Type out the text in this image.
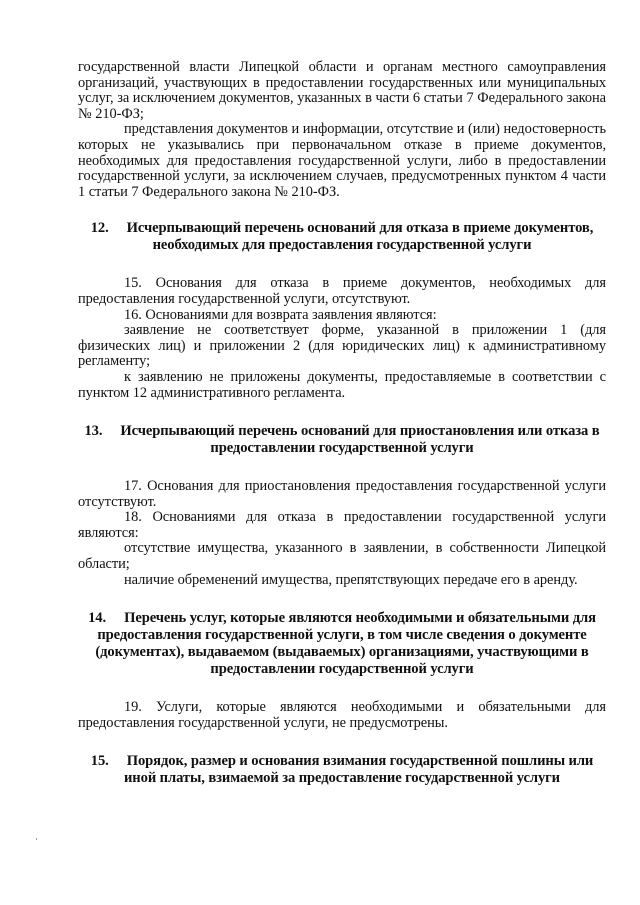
государственной власти Липецкой области и органам местного самоуправления организаций, участвующих в предоставлении государственных или муниципальных услуг, за исключением документов, указанных в части 6 статьи 7 Федерального закона № 210-ФЗ;

представления документов и информации, отсутствие и (или) недостоверность которых не указывались при первоначальном отказе в приеме документов, необходимых для предоставления государственной услуги, либо в предоставлении государственной услуги, за исключением случаев, предусмотренных пунктом 4 части 1 статьи 7 Федерального закона № 210-ФЗ.

12. Исчерпывающий перечень оснований для отказа в приеме документов, необходимых для предоставления государственной услуги

15. Основания для отказа в приеме документов, необходимых для предоставления государственной услуги, отсутствуют.

16. Основаниями для возврата заявления являются:

заявление не соответствует форме, указанной в приложении 1 (для физических лиц) и приложении 2 (для юридических лиц) к административному регламенту;

к заявлению не приложены документы, предоставляемые в соответствии с пунктом 12 административного регламента.

13. Исчерпывающий перечень оснований для приостановления или отказа в предоставлении государственной услуги

17. Основания для приостановления предоставления государственной услуги отсутствуют.

18. Основаниями для отказа в предоставлении государственной услуги являются:

отсутствие имущества, указанного в заявлении, в собственности Липецкой области;

наличие обременений имущества, препятствующих передаче его в аренду.

14. Перечень услуг, которые являются необходимыми и обязательными для предоставления государственной услуги, в том числе сведения о документе (документах), выдаваемом (выдаваемых) организациями, участвующими в предоставлении государственной услуги

19. Услуги, которые являются необходимыми и обязательными для предоставления государственной услуги, не предусмотрены.

15. Порядок, размер и основания взимания государственной пошлины или иной платы, взимаемой за предоставление государственной услуги
